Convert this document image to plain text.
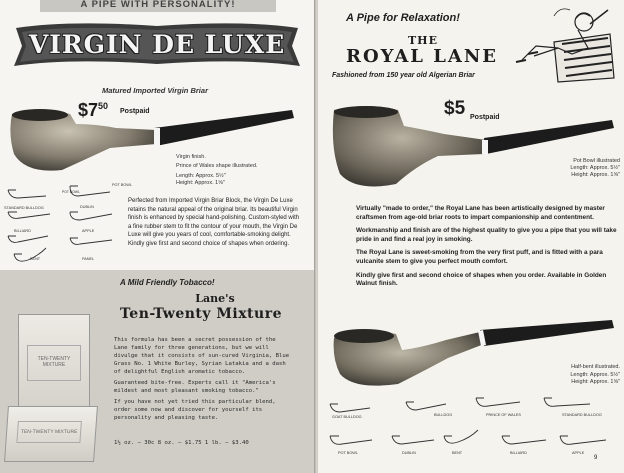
A PIPE WITH PERSONALITY!
VIRGIN DE LUXE
Matured Imported Virgin Briar
$\$7^{50}$
Postpaid
Virgin finish.
Prince of Wales shape illustrated.
Length: Approx. 5½"
Height: Approx. 1⅝"
POT BOWL
STANDARD BULLDOG	DUBLIN
BILLIARD	APPLE
BENT	PANEL
POT BOWL
Perfected from Imported Virgin Briar Block, the Virgin De Luxe retains the natural appeal of the original briar. Its beautiful Virgin finish is enhanced by special hand-polishing. Custom-styled with a fine rubber stem to fit the contour of your mouth, the Virgin De Luxe will give you years of cool, comfortable-smoking delight. Kindly give first and second choice of shapes when ordering.
A Mild Friendly Tobacco!
Lane's
Ten-Twenty Mixture
TEN-TWENTY MIXTURE
TEN-TWENTY MIXTURE

This formula has been a secret possession of the Lane family for three generations, but we will divulge that it consists of sun-cured Virginia, Blue Grass No. 1 White Burley, Syrian Latakia and a dash of delightful English aromatic tobacco.

Guaranteed bite-free. Experts call it "America's mildest and most pleasant smoking tobacco."

If you have not yet tried this particular blend, order some now and discover for yourself its personality and pleasing taste.

1½ oz. — 30c 8 oz. — $1.75 1 lb. — $3.40
A Pipe for Relaxation!
THE
ROYAL LANE
Fashioned from 150 year old Algerian Briar
$5 Postpaid
Pot Bowl illustrated
Length: Approx. 5½"
Height: Approx. 1⅝"

Virtually "made to order," the Royal Lane has been artistically designed by master craftsmen from age-old briar roots to impart companionship and contentment.

Workmanship and finish are of the highest quality to give you a pipe that you will take pride in and find a real joy in smoking.

The Royal Lane is sweet-smoking from the very first puff, and is fitted with a para vulcanite stem to give you perfect mouth comfort.

Kindly give first and second choice of shapes when you order. Available in Golden Walnut finish.

Half-bent illustrated.
Length: Approx. 5½"
Height: Approx. 1⅝"
GOAT BULLDOG	BULLDOG	PRINCE OF WALES	STANDARD BULLDOG
POT BOWL	DUBLIN	BENT	BILLIARD	APPLE
9
